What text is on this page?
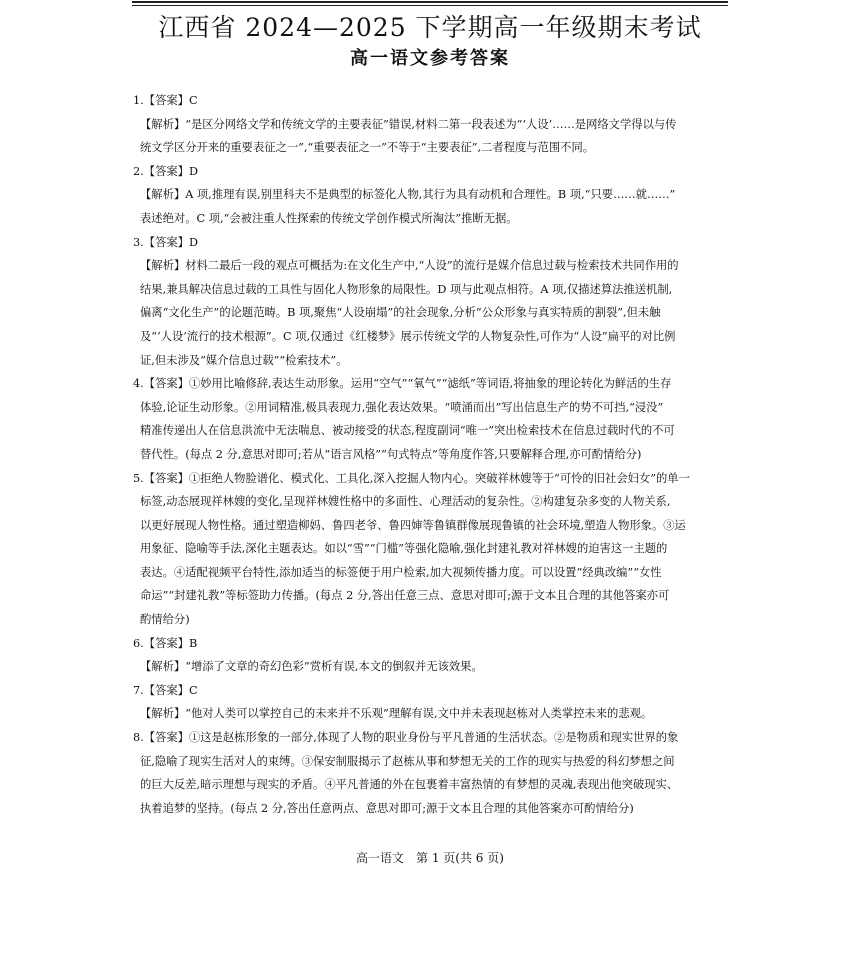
江西省 2024—2025 下学期高一年级期末考试
高一语文参考答案
1.【答案】C
【解析】“是区分网络文学和传统文学的主要表征”错误,材料二第一段表述为“‘人设’……是网络文学得以与传
统文学区分开来的重要表征之一”,“重要表征之一”不等于“主要表征”,二者程度与范围不同。
2.【答案】D
【解析】A 项,推理有误,别里科夫不是典型的标签化人物,其行为具有动机和合理性。B 项,“只要……就……”
表述绝对。C 项,“会被注重人性探索的传统文学创作模式所淘汰”推断无据。
3.【答案】D
【解析】材料二最后一段的观点可概括为:在文化生产中,“人设”的流行是媒介信息过载与检索技术共同作用的
结果,兼具解决信息过载的工具性与固化人物形象的局限性。D 项与此观点相符。A 项,仅描述算法推送机制,
偏离“文化生产”的论题范畴。B 项,聚焦“人设崩塌”的社会现象,分析“公众形象与真实特质的割裂”,但未触
及“‘人设’流行的技术根源”。C 项,仅通过《红楼梦》展示传统文学的人物复杂性,可作为“人设”扁平的对比例
证,但未涉及“媒介信息过载”“检索技术”。
4.【答案】①妙用比喻修辞,表达生动形象。运用“空气”“氧气”“滤纸”等词语,将抽象的理论转化为鲜活的生存
体验,论证生动形象。②用词精准,极具表现力,强化表达效果。“喷涌而出”写出信息生产的势不可挡,“浸没”
精准传递出人在信息洪流中无法喘息、被动接受的状态,程度副词“唯一”突出检索技术在信息过载时代的不可
替代性。(每点 2 分,意思对即可;若从“语言风格”“句式特点”等角度作答,只要解释合理,亦可酌情给分)
5.【答案】①拒绝人物脸谱化、模式化、工具化,深入挖掘人物内心。突破祥林嫂等于“可怜的旧社会妇女”的单一
标签,动态展现祥林嫂的变化,呈现祥林嫂性格中的多面性、心理活动的复杂性。②构建复杂多变的人物关系,
以更好展现人物性格。通过塑造柳妈、鲁四老爷、鲁四婶等鲁镇群像展现鲁镇的社会环境,塑造人物形象。③运
用象征、隐喻等手法,深化主题表达。如以“雪”“门槛”等强化隐喻,强化封建礼教对祥林嫂的迫害这一主题的
表达。④适配视频平台特性,添加适当的标签便于用户检索,加大视频传播力度。可以设置“经典改编”“女性
命运”“封建礼教”等标签助力传播。(每点 2 分,答出任意三点、意思对即可;源于文本且合理的其他答案亦可
酌情给分)
6.【答案】B
【解析】“增添了文章的奇幻色彩”赏析有误,本文的倒叙并无该效果。
7.【答案】C
【解析】“他对人类可以掌控自己的未来并不乐观”理解有误,文中并未表现赵栋对人类掌控未来的悲观。
8.【答案】①这是赵栋形象的一部分,体现了人物的职业身份与平凡普通的生活状态。②是物质和现实世界的象
征,隐喻了现实生活对人的束缚。③保安制服揭示了赵栋从事和梦想无关的工作的现实与热爱的科幻梦想之间
的巨大反差,暗示理想与现实的矛盾。④平凡普通的外在包裹着丰富热情的有梦想的灵魂,表现出他突破现实、
执着追梦的坚持。(每点 2 分,答出任意两点、意思对即可;源于文本且合理的其他答案亦可酌情给分)
高一语文　第 1 页(共 6 页)
